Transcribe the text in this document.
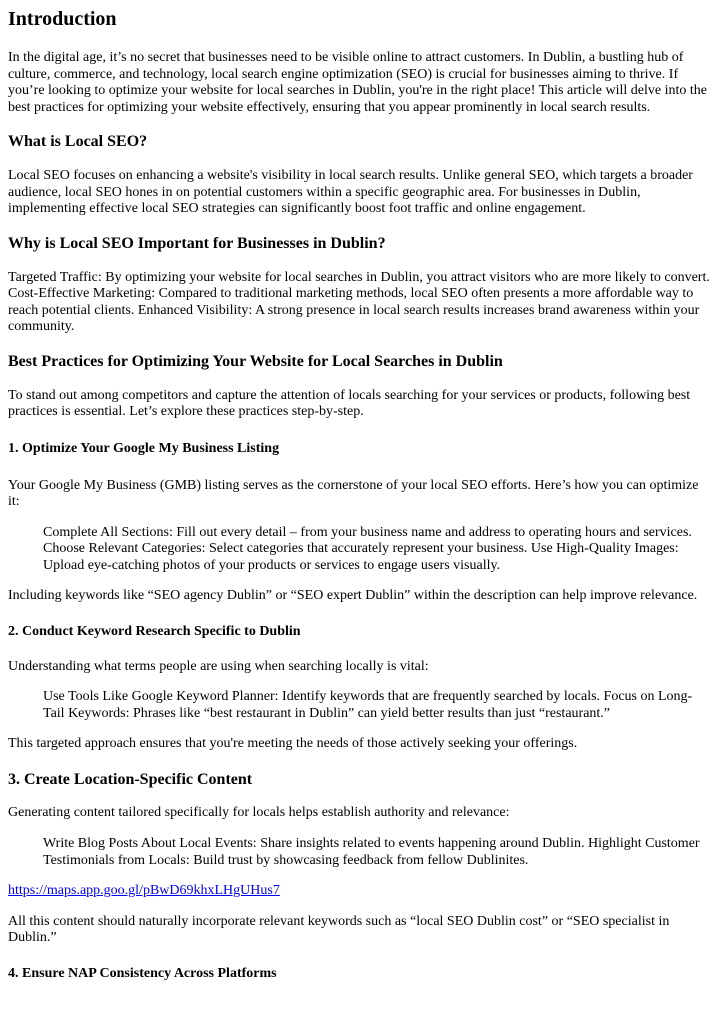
Introduction

In the digital age, it’s no secret that businesses need to be visible online to attract customers. In Dublin, a bustling hub of culture, commerce, and technology, local search engine optimization (SEO) is crucial for businesses aiming to thrive. If you’re looking to optimize your website for local searches in Dublin, you're in the right place! This article will delve into the best practices for optimizing your website effectively, ensuring that you appear prominently in local search results.

What is Local SEO?

Local SEO focuses on enhancing a website's visibility in local search results. Unlike general SEO, which targets a broader audience, local SEO hones in on potential customers within a specific geographic area. For businesses in Dublin, implementing effective local SEO strategies can significantly boost foot traffic and online engagement.

Why is Local SEO Important for Businesses in Dublin?

Targeted Traffic: By optimizing your website for local searches in Dublin, you attract visitors who are more likely to convert. Cost-Effective Marketing: Compared to traditional marketing methods, local SEO often presents a more affordable way to reach potential clients. Enhanced Visibility: A strong presence in local search results increases brand awareness within your community.

Best Practices for Optimizing Your Website for Local Searches in Dublin

To stand out among competitors and capture the attention of locals searching for your services or products, following best practices is essential. Let’s explore these practices step-by-step.

1. Optimize Your Google My Business Listing

Your Google My Business (GMB) listing serves as the cornerstone of your local SEO efforts. Here’s how you can optimize it:

Complete All Sections: Fill out every detail – from your business name and address to operating hours and services. Choose Relevant Categories: Select categories that accurately represent your business. Use High-Quality Images: Upload eye-catching photos of your products or services to engage users visually.

Including keywords like “SEO agency Dublin” or “SEO expert Dublin” within the description can help improve relevance.

2. Conduct Keyword Research Specific to Dublin

Understanding what terms people are using when searching locally is vital:

Use Tools Like Google Keyword Planner: Identify keywords that are frequently searched by locals. Focus on Long-Tail Keywords: Phrases like “best restaurant in Dublin” can yield better results than just “restaurant.”

This targeted approach ensures that you're meeting the needs of those actively seeking your offerings.

3. Create Location-Specific Content

Generating content tailored specifically for locals helps establish authority and relevance:

Write Blog Posts About Local Events: Share insights related to events happening around Dublin. Highlight Customer Testimonials from Locals: Build trust by showcasing feedback from fellow Dublinites.

https://maps.app.goo.gl/pBwD69khxLHgUHus7

All this content should naturally incorporate relevant keywords such as “local SEO Dublin cost” or “SEO specialist in Dublin.”

4. Ensure NAP Consistency Across Platforms
